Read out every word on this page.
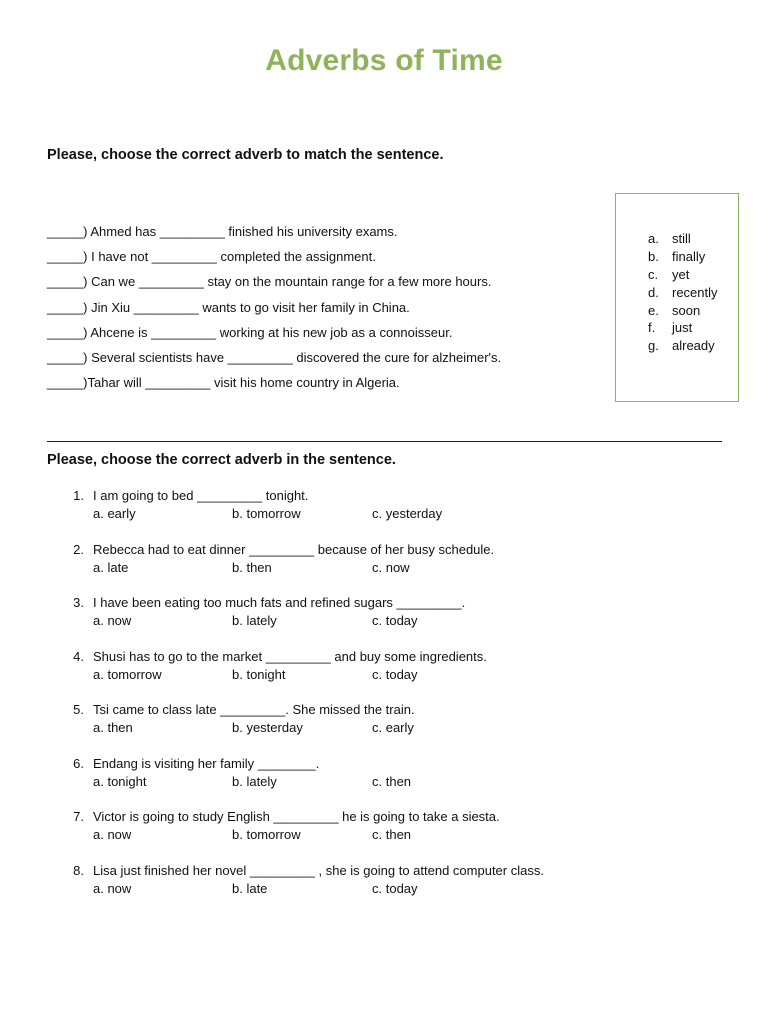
Adverbs of Time
Please, choose the correct adverb to match the sentence.
_____) Ahmed has _________ finished his university exams.
_____) I have not _________ completed the assignment.
_____) Can we _________ stay on the mountain range for a few more hours.
_____) Jin Xiu _________ wants to go visit her family in China.
_____) Ahcene is _________ working at his new job as a connoisseur.
_____) Several scientists have _________ discovered the cure for alzheimer's.
_____)Tahar will _________ visit his home country in Algeria.
a. still
b. finally
c. yet
d. recently
e. soon
f. just
g. already
Please, choose the correct adverb in the sentence.
1 . I am going to bed _________ tonight.
a. early	b. tomorrow	c. yesterday
2 . Rebecca had to eat dinner _________ because of her busy schedule.
a. late	b. then	c. now
3 . I have been eating too much fats and refined sugars _________.
a. now	b. lately	c. today
4 . Shusi has to go to the market _________ and buy some ingredients.
a. tomorrow	b. tonight	c. today
5 . Tsi came to class late _________. She missed the train.
a. then	b. yesterday	c. early
6 . Endang is visiting her family ________.
a. tonight	b. lately	c. then
7 . Victor is going to study English _________ he is going to take a siesta.
a. now	b. tomorrow	c. then
8 . Lisa just finished her novel _________ , she is going to attend computer class.
a. now	b. late	c. today
